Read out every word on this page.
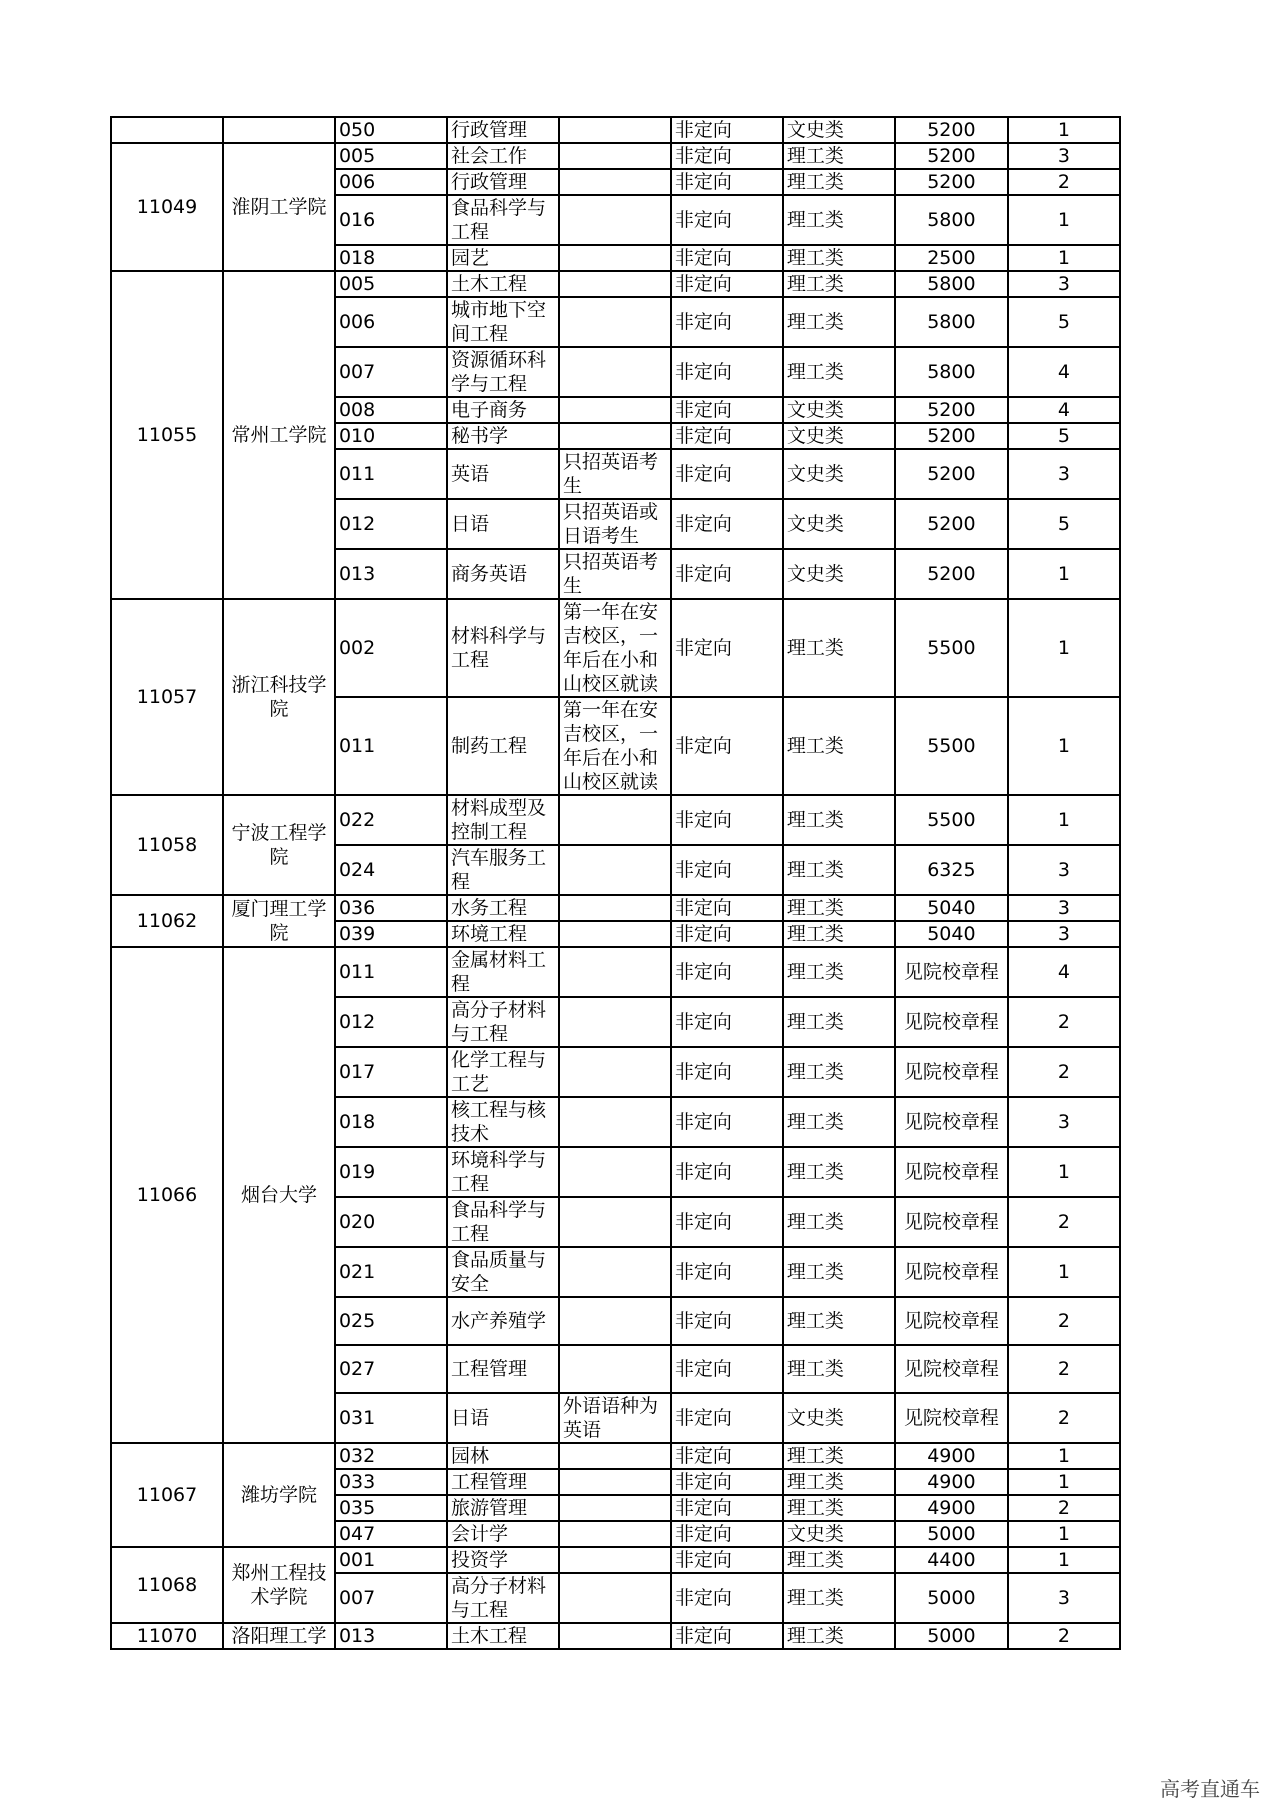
		050	行政管理		非定向	文史类	5200	1
11049	淮阴工学院	005	社会工作		非定向	理工类	5200	3
		006	行政管理		非定向	理工类	5200	2
		016	食品科学与工程		非定向	理工类	5800	1
		018	园艺		非定向	理工类	2500	1
11055	常州工学院	005	土木工程		非定向	理工类	5800	3
		006	城市地下空间工程		非定向	理工类	5800	5
		007	资源循环科学与工程		非定向	理工类	5800	4
		008	电子商务		非定向	文史类	5200	4
		010	秘书学		非定向	文史类	5200	5
		011	英语	只招英语考生	非定向	文史类	5200	3
		012	日语	只招英语或日语考生	非定向	文史类	5200	5
		013	商务英语	只招英语考生	非定向	文史类	5200	1
11057	浙江科技学院	002	材料科学与工程	第一年在安吉校区，一年后在小和山校区就读	非定向	理工类	5500	1
		011	制药工程	第一年在安吉校区，一年后在小和山校区就读	非定向	理工类	5500	1
11058	宁波工程学院	022	材料成型及控制工程		非定向	理工类	5500	1
		024	汽车服务工程		非定向	理工类	6325	3
11062	厦门理工学院	036	水务工程		非定向	理工类	5040	3
		039	环境工程		非定向	理工类	5040	3
11066	烟台大学	011	金属材料工程		非定向	理工类	见院校章程	4
		012	高分子材料与工程		非定向	理工类	见院校章程	2
		017	化学工程与工艺		非定向	理工类	见院校章程	2
		018	核工程与核技术		非定向	理工类	见院校章程	3
		019	环境科学与工程		非定向	理工类	见院校章程	1
		020	食品科学与工程		非定向	理工类	见院校章程	2
		021	食品质量与安全		非定向	理工类	见院校章程	1
		025	水产养殖学		非定向	理工类	见院校章程	2
		027	工程管理		非定向	理工类	见院校章程	2
		031	日语	外语语种为英语	非定向	文史类	见院校章程	2
11067	潍坊学院	032	园林		非定向	理工类	4900	1
		033	工程管理		非定向	理工类	4900	1
		035	旅游管理		非定向	理工类	4900	2
		047	会计学		非定向	文史类	5000	1
11068	郑州工程技术学院	001	投资学		非定向	理工类	4400	1
		007	高分子材料与工程		非定向	理工类	5000	3
11070	洛阳理工学	013	土木工程		非定向	理工类	5000	2
高考直通车
